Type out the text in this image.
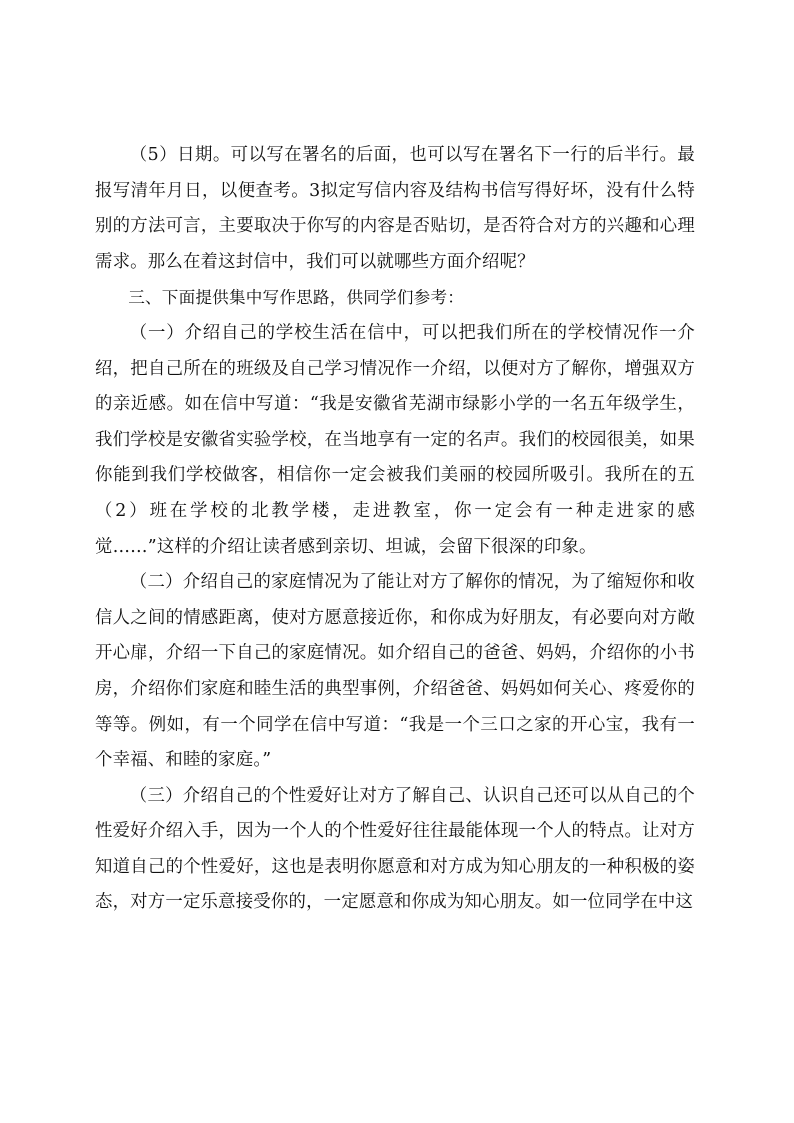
（5）日期。可以写在署名的后面，也可以写在署名下一行的后半行。最报写清年月日，以便查考。3拟定写信内容及结构书信写得好坏，没有什么特别的方法可言，主要取决于你写的内容是否贴切，是否符合对方的兴趣和心理需求。那么在着这封信中，我们可以就哪些方面介绍呢？

三、下面提供集中写作思路，供同学们参考：

（一）介绍自己的学校生活在信中，可以把我们所在的学校情况作一介绍，把自己所在的班级及自己学习情况作一介绍，以便对方了解你，增强双方的亲近感。如在信中写道：“我是安徽省芜湖市绿影小学的一名五年级学生，我们学校是安徽省实验学校，在当地享有一定的名声。我们的校园很美，如果你能到我们学校做客，相信你一定会被我们美丽的校园所吸引。我所在的五（2）班在学校的北教学楼，走进教室，你一定会有一种走进家的感觉……”这样的介绍让读者感到亲切、坦诚，会留下很深的印象。

（二）介绍自己的家庭情况为了能让对方了解你的情况，为了缩短你和收信人之间的情感距离，使对方愿意接近你，和你成为好朋友，有必要向对方敞开心扉，介绍一下自己的家庭情况。如介绍自己的爸爸、妈妈，介绍你的小书房，介绍你们家庭和睦生活的典型事例，介绍爸爸、妈妈如何关心、疼爱你的等等。例如，有一个同学在信中写道：“我是一个三口之家的开心宝，我有一个幸福、和睦的家庭。”

（三）介绍自己的个性爱好让对方了解自己、认识自己还可以从自己的个性爱好介绍入手，因为一个人的个性爱好往往最能体现一个人的特点。让对方知道自己的个性爱好，这也是表明你愿意和对方成为知心朋友的一种积极的姿态，对方一定乐意接受你的，一定愿意和你成为知心朋友。如一位同学在中这
